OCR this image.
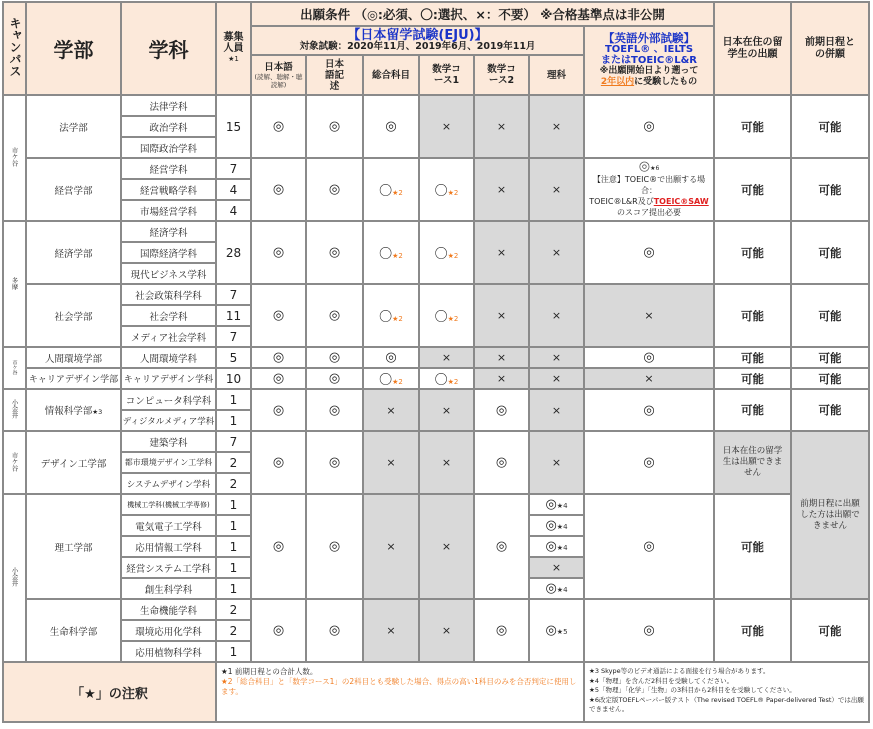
キャンパス	学部	学科	募集人員
★1	出願条件 （◎:必須、〇:選択、×：不要） ※合格基準点は非公開							日本在住の留学生の出願	前期日程との併願

				【日本留学試験(EJU)】
対象試験：2020年11月、2019年6月、2019年11月						【英語外部試験】
TOEFL® 、IELTS
またはTOEIC®L&R
※出願開始日より遡って
2年以内に受験したもの		
				日本語
(読解、聴解・聴読解)	日本語記述	総合科目	数学コース1	数学コース2	理科			
市ケ谷	法学部	法律学科	15	◎	◎	◎	×	×	×	◎	可能	可能
		政治学科										
		国際政治学科										
	経営学部	経営学科	7	◎	◎	〇★2	〇★2	×	×	◎★6
【注意】TOEIC®で出願する場合：
TOEIC®L&R及びTOEIC®SAW
のスコア提出必要	可能	可能
		経営戦略学科	4									
		市場経営学科	4									
多摩	経済学部	経済学科	28	◎	◎	〇★2	〇★2	×	×	◎	可能	可能
		国際経済学科										
		現代ビジネス学科										
	社会学部	社会政策科学科	7	◎	◎	〇★2	〇★2	×	×	×	可能	可能
		社会学科	11									
		メディア社会学科	7									
市ケ谷	人間環境学部	人間環境学科	5	◎	◎	◎	×	×	×	◎	可能	可能
	キャリアデザイン学部	キャリアデザイン学科	10	◎	◎	〇★2	〇★2	×	×	×	可能	可能
小金井	情報科学部★3	コンピュータ科学科	1	◎	◎	×	×	◎	×	◎	可能	可能
		ディジタルメディア学科	1									
市ケ谷	デザイン工学部	建築学科	7	◎	◎	×	×	◎	×	◎	日本在住の留学生は出願できません	前期日程に出願した方は出願できません

		都市環境デザイン工学科	2									
		システムデザイン学科	2									
小金井	理工学部	機械工学科(機械工学専修)	1	◎	◎	×	×	◎	◎★4	◎	可能	
		電気電子工学科	1						◎★4			
		応用情報工学科	1						◎★4			
		経営システム工学科	1						×			
		創生科学科	1						◎★4			
	生命科学部	生命機能学科	2	◎	◎	×	×	◎	◎★5	◎	可能	可能
		環境応用化学科	2									
		応用植物科学科	1									
「★」の注釈	
★1 前期日程との合計人数。
★2「総合科目」と「数学コース1」の2科目とも受験した場合、得点の高い1科目のみを合否判定に使用します。

★3 Skype等のビデオ通話による面接を行う場合があります。
★4「物理」を含んだ2科目を受験してください。
★5「物理」「化学」「生物」の3科目から2科目をを受験してください。
★6改定版TOEFLペーパー版テスト（The revised TOEFL® Paper-delivered Test）では出願できません。
